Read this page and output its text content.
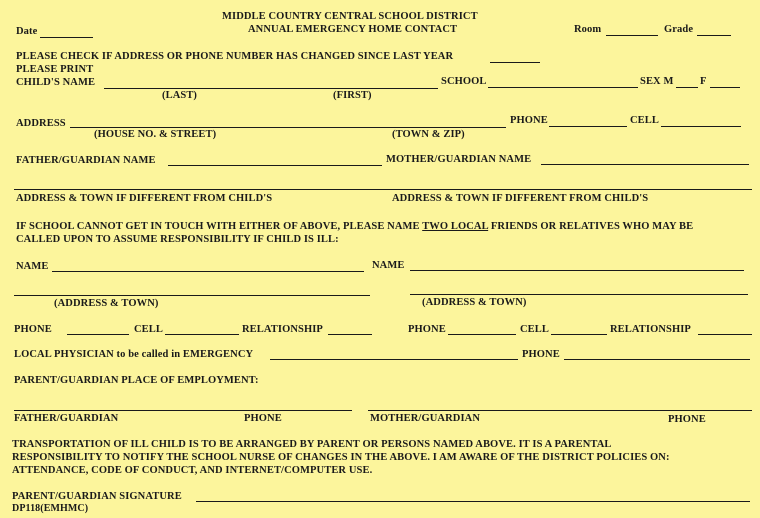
MIDDLE COUNTRY CENTRAL SCHOOL DISTRICT
ANNUAL EMERGENCY HOME CONTACT
Date	Room	Grade
PLEASE CHECK IF ADDRESS OR PHONE NUMBER HAS CHANGED SINCE LAST YEAR
PLEASE PRINT
CHILD'S NAME	SCHOOL	SEX M	F
(LAST)	(FIRST)
ADDRESS	PHONE	CELL
(HOUSE NO. & STREET)	(TOWN & ZIP)
FATHER/GUARDIAN NAME	MOTHER/GUARDIAN NAME
ADDRESS & TOWN IF DIFFERENT FROM CHILD'S	ADDRESS & TOWN IF DIFFERENT FROM CHILD'S
IF SCHOOL CANNOT GET IN TOUCH WITH EITHER OF ABOVE, PLEASE NAME TWO LOCAL FRIENDS OR RELATIVES WHO MAY BE
CALLED UPON TO ASSUME RESPONSIBILITY IF CHILD IS ILL:
NAME	NAME
(ADDRESS & TOWN)	(ADDRESS & TOWN)
PHONE	CELL	RELATIONSHIP	PHONE	CELL	RELATIONSHIP
LOCAL PHYSICIAN to be called in EMERGENCY	PHONE
PARENT/GUARDIAN PLACE OF EMPLOYMENT:
FATHER/GUARDIAN	PHONE	MOTHER/GUARDIAN	PHONE
TRANSPORTATION OF ILL CHILD IS TO BE ARRANGED BY PARENT OR PERSONS NAMED ABOVE. IT IS A PARENTAL
RESPONSIBILITY TO NOTIFY THE SCHOOL NURSE OF CHANGES IN THE ABOVE. I AM AWARE OF THE DISTRICT POLICIES ON:
ATTENDANCE, CODE OF CONDUCT, AND INTERNET/COMPUTER USE.
PARENT/GUARDIAN SIGNATURE
DP118(EMHMC)
